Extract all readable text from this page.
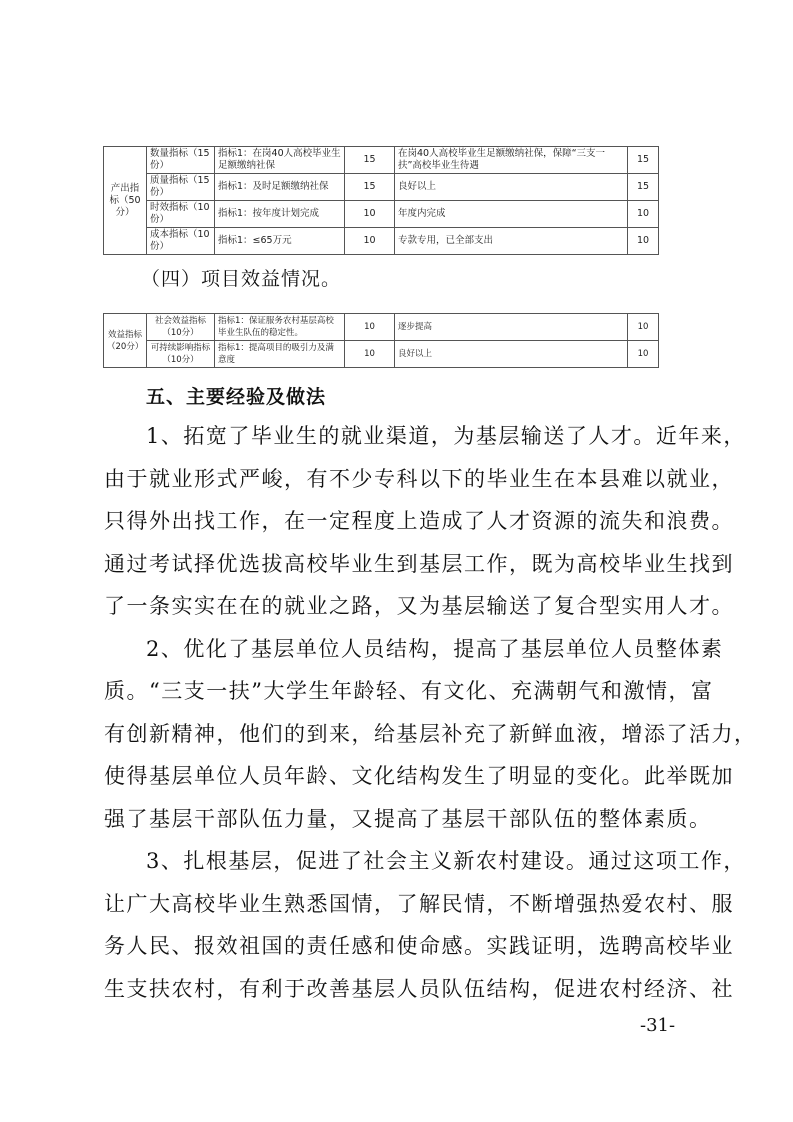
产出指标（50分）	数量指标（15份）	指标1：在岗40人高校毕业生足额缴纳社保	15	在岗40人高校毕业生足额缴纳社保，保障“三支一扶”高校毕业生待遇	15
	质量指标（15份）	指标1：及时足额缴纳社保	15	良好以上	15
	时效指标（10份）	指标1：按年度计划完成	10	年度内完成	10
	成本指标（10份）	指标1：≤65万元	10	专款专用，已全部支出	10
（四）项目效益情况。
效益指标（20分）	社会效益指标（10分）	指标1：保证服务农村基层高校毕业生队伍的稳定性。	10	逐步提高	10
	可持续影响指标（10分）	指标1：提高项目的吸引力及满意度	10	良好以上	10
五、主要经验及做法
1、拓宽了毕业生的就业渠道，为基层输送了人才。近年来，
由于就业形式严峻，有不少专科以下的毕业生在本县难以就业，
只得外出找工作，在一定程度上造成了人才资源的流失和浪费。
通过考试择优选拔高校毕业生到基层工作，既为高校毕业生找到
了一条实实在在的就业之路，又为基层输送了复合型实用人才。
2、优化了基层单位人员结构，提高了基层单位人员整体素
质。“三支一扶”大学生年龄轻、有文化、充满朝气和激情，富
有创新精神，他们的到来，给基层补充了新鲜血液，增添了活力，
使得基层单位人员年龄、文化结构发生了明显的变化。此举既加
强了基层干部队伍力量，又提高了基层干部队伍的整体素质。
3、扎根基层，促进了社会主义新农村建设。通过这项工作，
让广大高校毕业生熟悉国情，了解民情，不断增强热爱农村、服
务人民、报效祖国的责任感和使命感。实践证明，选聘高校毕业
生支扶农村，有利于改善基层人员队伍结构，促进农村经济、社
-31-
